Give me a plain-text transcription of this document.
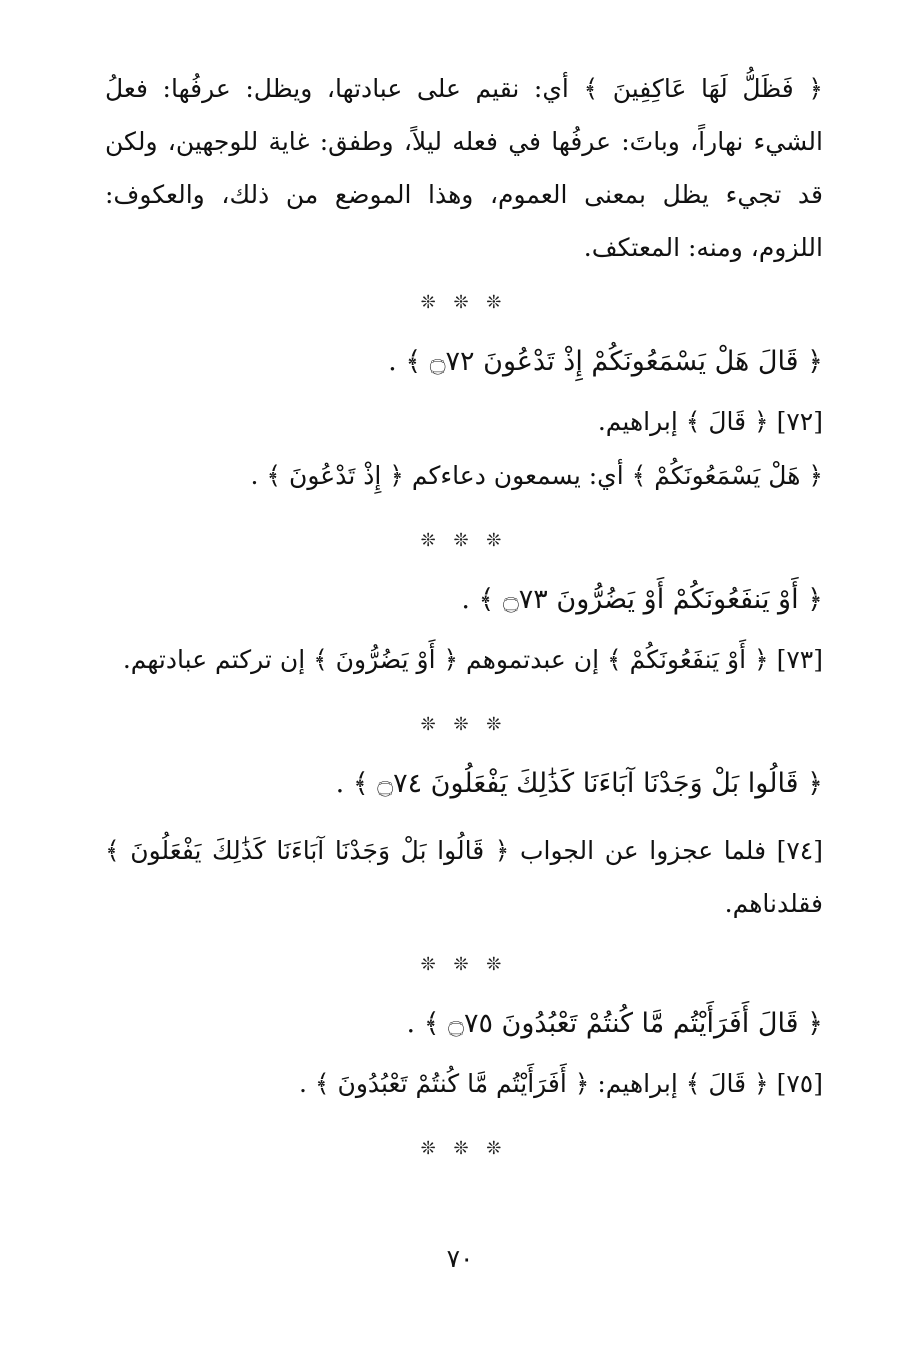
﴿ فَظَلُّ لَهَا عَاكِفِينَ ﴾ أي: نقيم على عبادتها، ويظل: عرفُها: فعلُ الشيء نهاراً، وباتَ: عرفُها في فعله ليلاً، وطفق: غاية للوجهين، ولكن قد تجيء يظل بمعنى العموم، وهذا الموضع من ذلك، والعكوف: اللزوم، ومنه: المعتكف.

❊ ❊ ❊

﴿ قَالَ هَلْ يَسْمَعُونَكُمْ إِذْ تَدْعُونَ ۝٧٢ ﴾ .

[٧٢] ﴿ قَالَ ﴾ إبراهيم.

﴿ هَلْ يَسْمَعُونَكُمْ ﴾ أي: يسمعون دعاءكم ﴿ إِذْ تَدْعُونَ ﴾ .

❊ ❊ ❊

﴿ أَوْ يَنفَعُونَكُمْ أَوْ يَضُرُّونَ ۝٧٣ ﴾ .

[٧٣] ﴿ أَوْ يَنفَعُونَكُمْ ﴾ إن عبدتموهم ﴿ أَوْ يَضُرُّونَ ﴾ إن تركتم عبادتهم.

❊ ❊ ❊

﴿ قَالُوا بَلْ وَجَدْنَا آبَاءَنَا كَذَٰلِكَ يَفْعَلُونَ ۝٧٤ ﴾ .

[٧٤] فلما عجزوا عن الجواب ﴿ قَالُوا بَلْ وَجَدْنَا آبَاءَنَا كَذَٰلِكَ يَفْعَلُونَ ﴾ فقلدناهم.

❊ ❊ ❊

﴿ قَالَ أَفَرَأَيْتُم مَّا كُنتُمْ تَعْبُدُونَ ۝٧٥ ﴾ .

[٧٥] ﴿ قَالَ ﴾ إبراهيم: ﴿ أَفَرَأَيْتُم مَّا كُنتُمْ تَعْبُدُونَ ﴾ .

❊ ❊ ❊

٧٠
